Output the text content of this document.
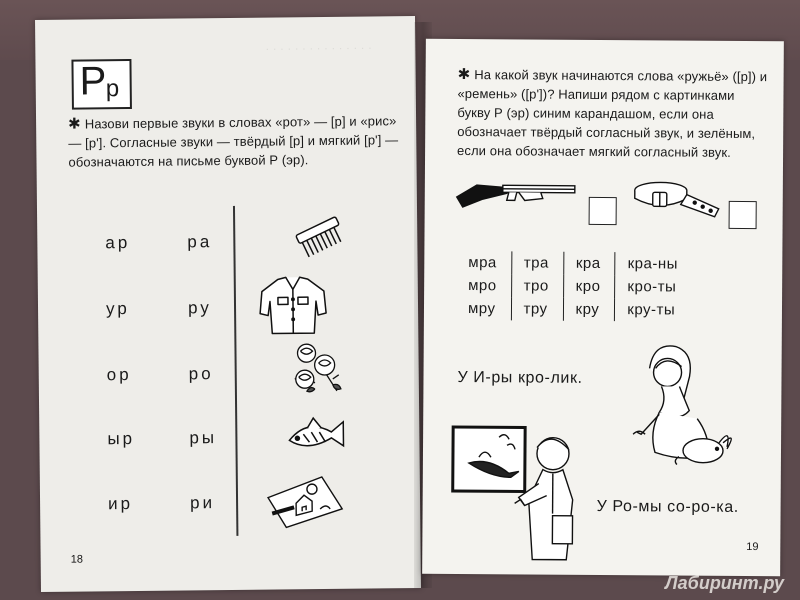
· · · · · · · · · · · · · · ·
Р р
✱ Назови первые звуки в словах «рот» — [р] и «рис» — [р']. Согласные звуки — твёрдый [р] и мягкий [р'] — обозначаются на письме буквой Р (эр).
ар	ра
ур	ру
ор	ро
ыр	ры
ир	ри
18
✱ На какой звук начинаются слова «ружьё» ([р]) и «ремень» ([р'])? Напиши рядом с картинками букву Р (эр) синим карандашом, если она обозначает твёрдый согласный звук, и зелёным, если она обозначает мягкий согласный звук.
мра	тра	кра	кра-ны
мро	тро	кро	кро-ты
мру	тру	кру	кру-ты
У И-ры кро-лик.
У Ро-мы со-ро-ка.
19
Лабиринт.ру
